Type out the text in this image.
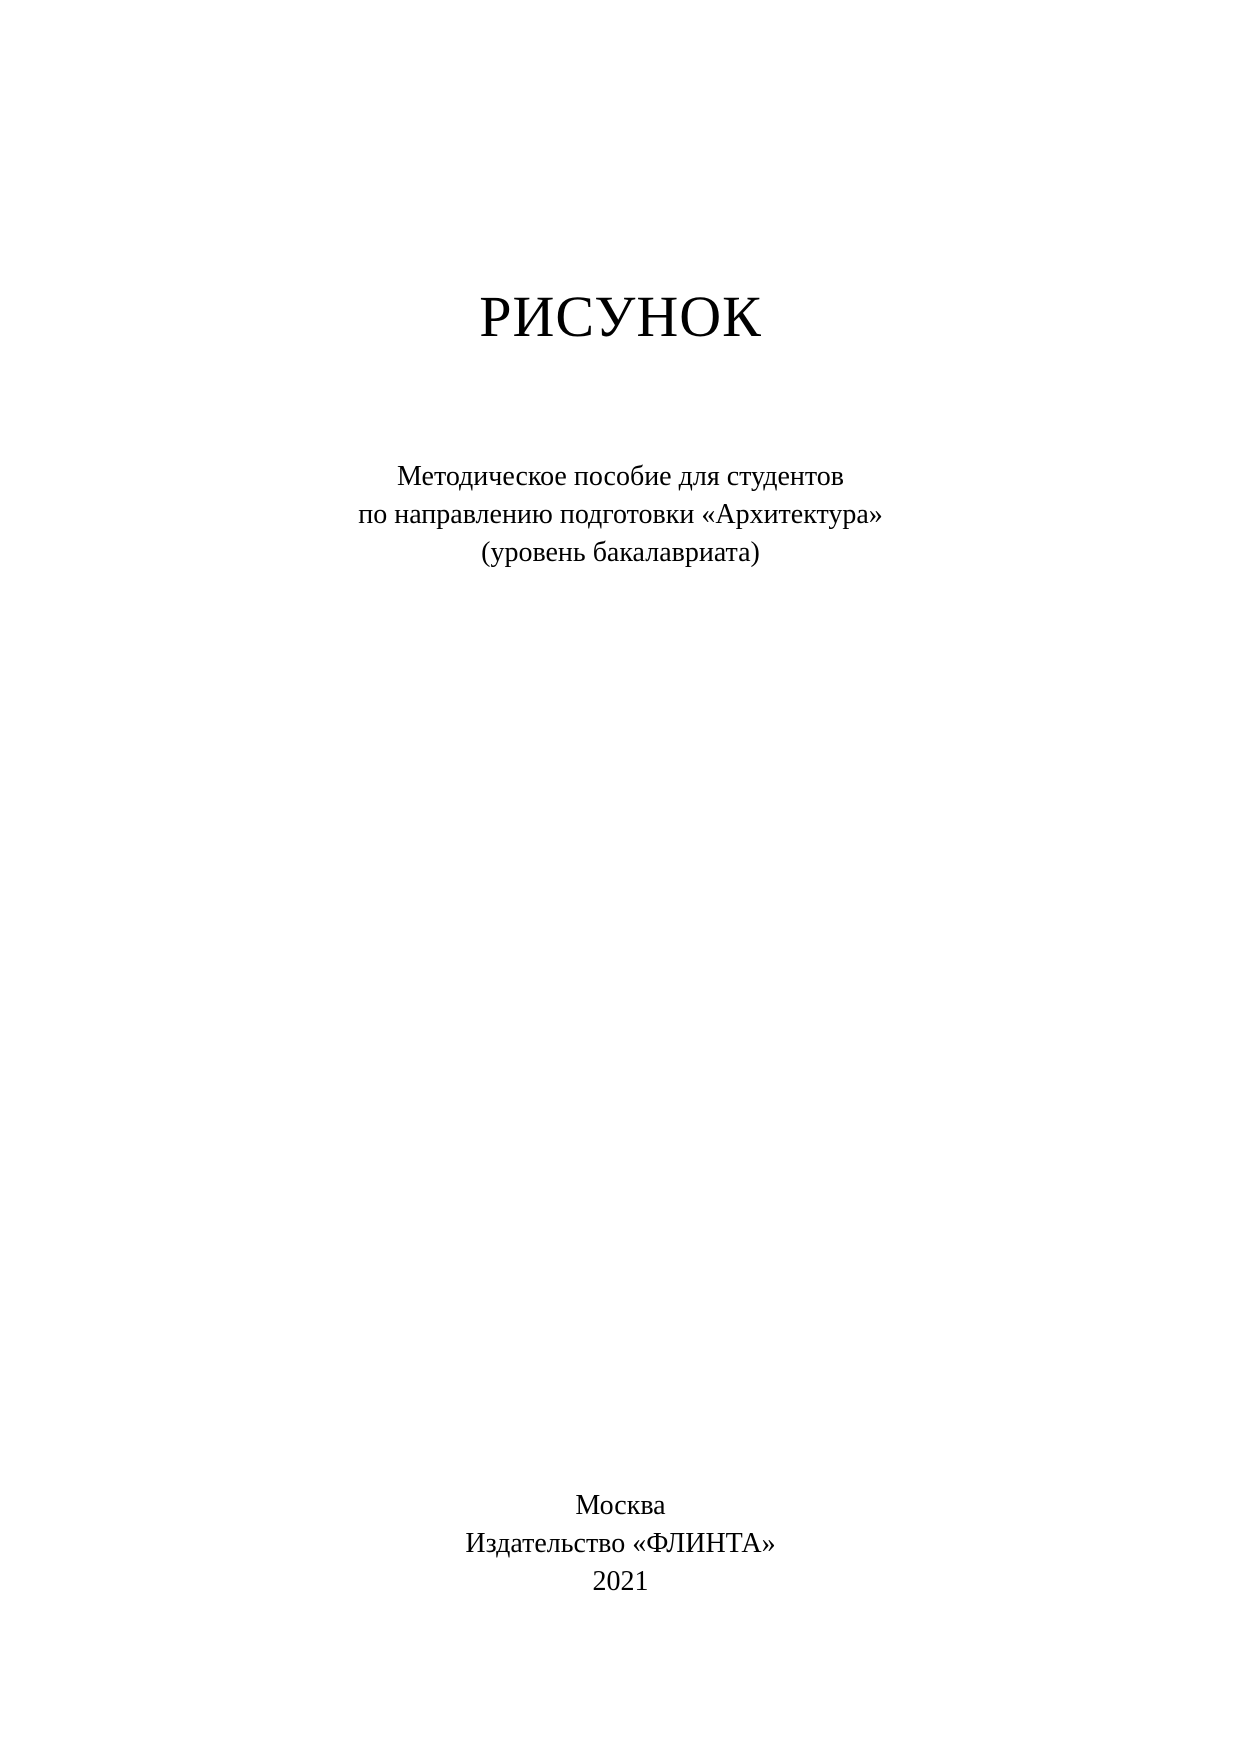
РИСУНОК
Методическое пособие для студентов
по направлению подготовки «Архитектура»
(уровень бакалавриата)
Москва
Издательство «ФЛИНТА»
2021
